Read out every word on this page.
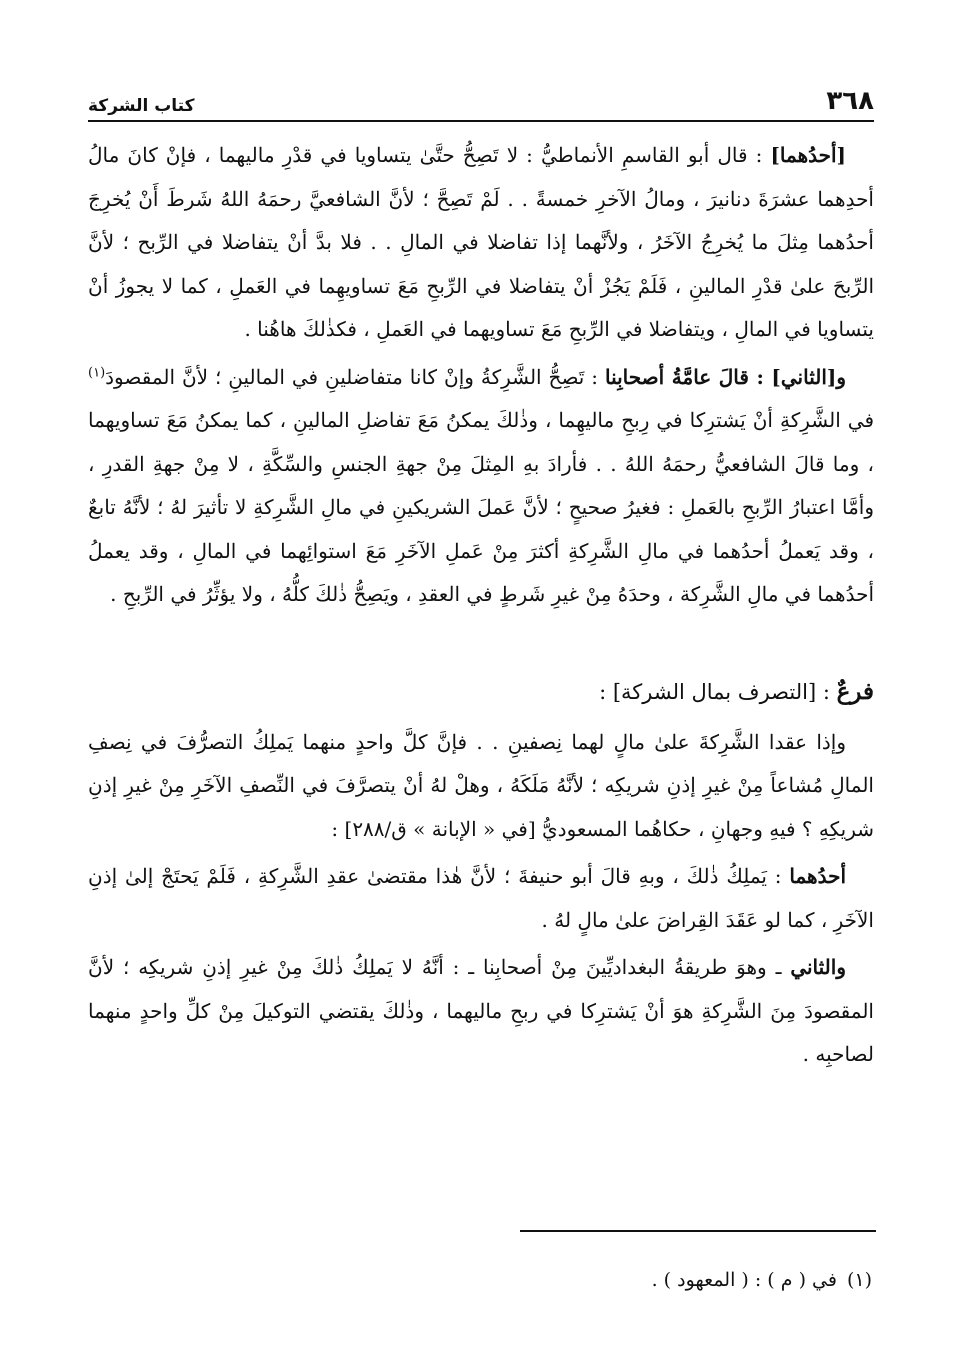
٣٦٨
كتاب الشركة

[أحدُهما] : قال أبو القاسمِ الأنماطيُّ : لا تَصِحُّ حتَّىٰ يتساويا في قدْرِ ماليهما ، فإنْ كانَ مالُ أحدِهما عشرَةَ دنانيرَ ، ومالُ الآخرِ خمسةً . . لَمْ تَصِحَّ ؛ لأنَّ الشافعيَّ رحمَهُ اللهُ شَرطَ أَنْ يُخرِجَ أحدُهما مِثلَ ما يُخرِجُ الآخَرُ ، ولأنَّهما إذا تفاضلا في المالِ . . فلا بدَّ أنْ يتفاضلا في الرِّبح ؛ لأنَّ الرِّبحَ علىٰ قدْرِ المالينِ ، فَلَمْ يَجُزْ أنْ يتفاضلا في الرِّبحِ مَعَ تساويهِما في العَملِ ، كما لا يجوزُ أنْ يتساويا في المالِ ، ويتفاضلا في الرِّبحِ مَعَ تساويهما في العَملِ ، فكذٰلكَ هاهُنا .

و[الثاني] : قالَ عامَّةُ أصحابِنا : تَصِحُّ الشَّرِكةُ وإنْ كانا متفاضلينِ في المالينِ ؛ لأنَّ المقصودَ$^{(١)}$ في الشَّرِكةِ أنْ يَشترِكا في رِبحِ ماليهِما ، وذٰلكَ يمكنُ مَعَ تفاضلِ المالينِ ، كما يمكنُ مَعَ تساويهما ، وما قالَ الشافعيُّ رحمَهُ اللهُ . . فأرادَ بهِ المِثلَ مِنْ جهةِ الجنسِ والسِّكَّةِ ، لا مِنْ جهةِ القدرِ ، وأمَّا اعتبارُ الرِّبحِ بالعَملِ : فغيرُ صحيحٍ ؛ لأنَّ عَملَ الشريكينِ في مالِ الشَّرِكةِ لا تأثيرَ لهُ ؛ لأنَّهُ تابعٌ ، وقد يَعملُ أحدُهما في مالِ الشَّرِكةِ أكثرَ مِنْ عَملِ الآخَرِ مَعَ استوائِهما في المالِ ، وقد يعملُ أحدُهما في مالِ الشَّرِكة ، وحدَهُ مِنْ غيرِ شَرطٍ في العقدِ ، ويَصِحُّ ذٰلكَ كلُّهُ ، ولا يؤثِّرُ في الرِّبحِ .

فرعٌ : [التصرف بمال الشركة] :

وإذا عقدا الشَّرِكةَ علىٰ مالٍ لهما نِصفينِ . . فإنَّ كلَّ واحدٍ منهما يَملِكُ التصرُّفَ في نِصفِ المالِ مُشاعاً مِنْ غيرِ إذنِ شريكِه ؛ لأنَّهُ مَلَكَهُ ، وهلْ لهُ أنْ يتصرَّفَ في النِّصفِ الآخَرِ مِنْ غيرِ إذنِ شريكِهِ ؟ فيهِ وجهانِ ، حكاهُما المسعوديُّ [في « الإبانة » ق/٢٨٨] :

أحدُهما : يَملِكُ ذٰلكَ ، وبهِ قالَ أبو حنيفةَ ؛ لأنَّ هٰذا مقتضىٰ عقدِ الشَّرِكةِ ، فَلَمْ يَحتَجْ إلىٰ إذنِ الآخَرِ ، كما لو عَقَدَ القِراضَ علىٰ مالٍ لهُ .

والثاني ـ وهوَ طريقةُ البغداديِّينَ مِنْ أصحابِنا ـ : أنَّهُ لا يَملِكُ ذٰلكَ مِنْ غيرِ إذنِ شريكِه ؛ لأنَّ المقصودَ مِنَ الشَّرِكةِ هوَ أنْ يَشترِكا في ربحِ ماليهما ، وذٰلكَ يقتضي التوكيلَ مِنْ كلِّ واحدٍ منهما لصاحبِه .

(١)في ( م ) : ( المعهود ) .
